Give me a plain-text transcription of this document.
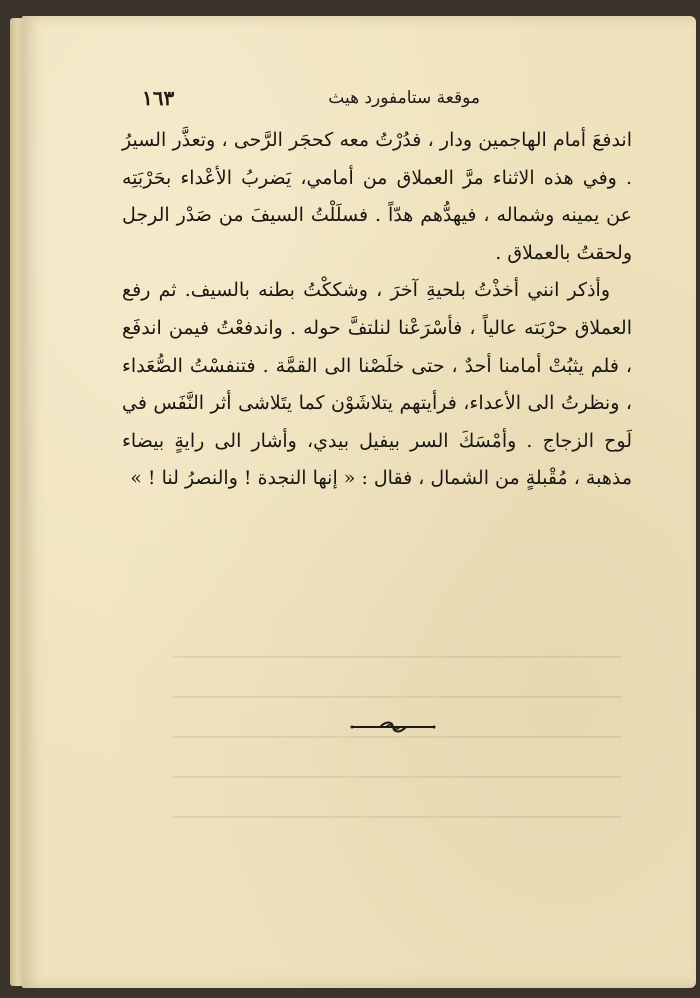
موقعة ستامفورد هيث
١٦٣

اندفعَ أمام الهاجمين ودار ، فدُرْتُ معه كحجَر الرَّحى ، وتعذَّر السيرُ . وفي هذه الاثناء مرَّ العملاق من أمامي، يَضربُ الأعْداء بحَرْبَتِه عن يمينه وشماله ، فيهدُّهم هدّاً . فسلَلْتُ السيفَ من صَدْر الرجل ولحقتُ بالعملاق .

وأذكر انني أخذْتُ بلحيةِ آخرَ ، وشككْتُ بطنه بالسيف. ثم رفع العملاق حرْبَته عالياً ، فأسْرَعْنا لنلتفَّ حوله . واندفعْتُ فيمن اندفَع ، فلم يثبُتْ أمامنا أحدٌ ، حتى خلَصْنا الى القمَّة . فتنفسْتُ الصُّعَداء ، ونظرتُ الى الأعداء، فرأيتهم يتلاشَوْن كما يتَلاشى أثر النَّفَس في لَوح الزجاج . وأمْسَكَ السر بيفيل بيدي، وأشار الى رايةٍ بيضاء مذهبة ، مُقْبلةٍ من الشمال ، فقال : « إنها النجدة ! والنصرُ لنا ! »
